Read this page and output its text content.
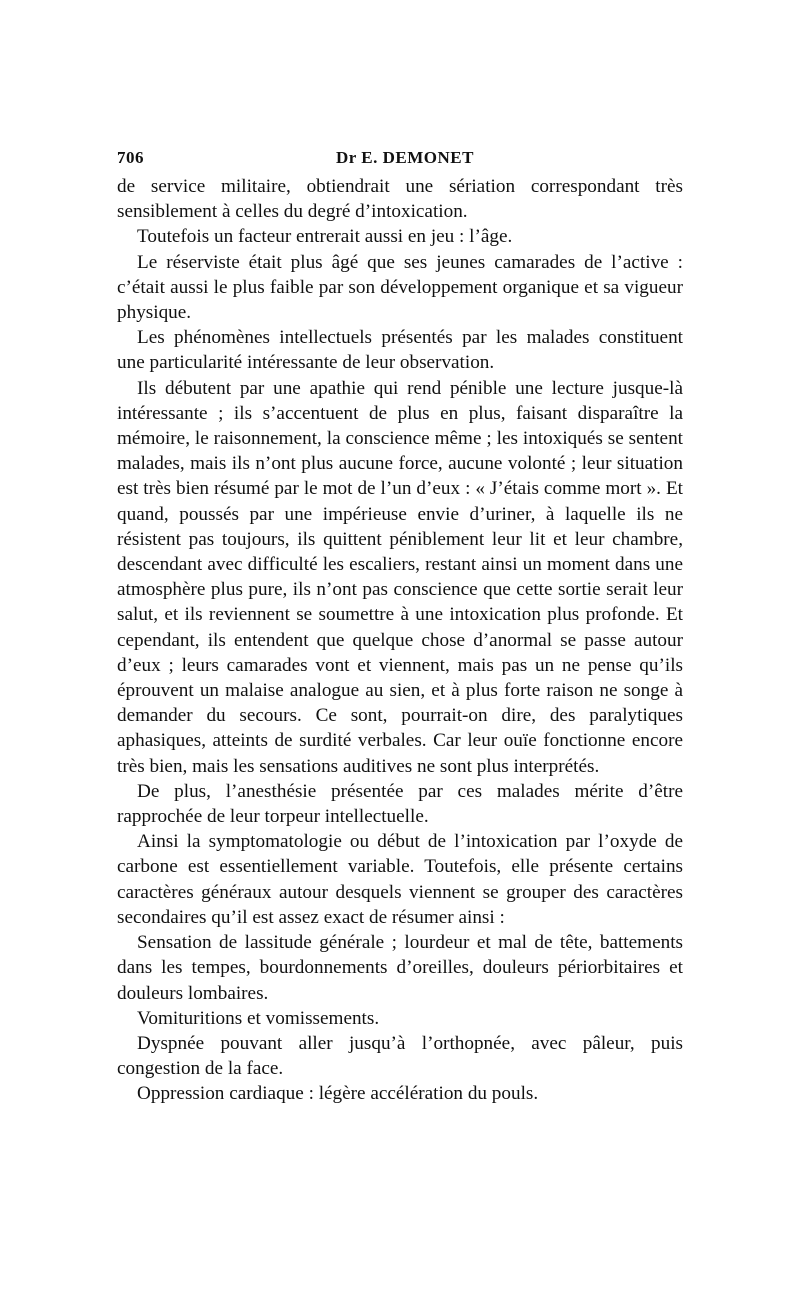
706	Dr E. DEMONET

de service militaire, obtiendrait une sériation correspondant très sensiblement à celles du degré d’intoxication.

Toutefois un facteur entrerait aussi en jeu : l’âge.

Le réserviste était plus âgé que ses jeunes camarades de l’active : c’était aussi le plus faible par son développement organique et sa vigueur physique.

Les phénomènes intellectuels présentés par les malades constituent une particularité intéressante de leur observation.

Ils débutent par une apathie qui rend pénible une lecture jusque-là intéressante ; ils s’accentuent de plus en plus, faisant disparaître la mémoire, le raisonnement, la conscience même ; les intoxiqués se sentent malades, mais ils n’ont plus aucune force, aucune volonté ; leur situation est très bien résumé par le mot de l’un d’eux : « J’étais comme mort ». Et quand, poussés par une impérieuse envie d’uriner, à laquelle ils ne résistent pas toujours, ils quittent péniblement leur lit et leur chambre, descendant avec difficulté les escaliers, restant ainsi un moment dans une atmosphère plus pure, ils n’ont pas conscience que cette sortie serait leur salut, et ils reviennent se soumettre à une intoxication plus profonde. Et cependant, ils entendent que quelque chose d’anormal se passe autour d’eux ; leurs camarades vont et viennent, mais pas un ne pense qu’ils éprouvent un malaise analogue au sien, et à plus forte raison ne songe à demander du secours. Ce sont, pourrait-on dire, des paralytiques aphasiques, atteints de surdité verbales. Car leur ouïe fonctionne encore très bien, mais les sensations auditives ne sont plus interprétés.

De plus, l’anesthésie présentée par ces malades mérite d’être rapprochée de leur torpeur intellectuelle.

Ainsi la symptomatologie ou début de l’intoxication par l’oxyde de carbone est essentiellement variable. Toutefois, elle présente certains caractères généraux autour desquels viennent se grouper des caractères secondaires qu’il est assez exact de résumer ainsi :

Sensation de lassitude générale ; lourdeur et mal de tête, battements dans les tempes, bourdonnements d’oreilles, douleurs périorbitaires et douleurs lombaires.

Vomituritions et vomissements.

Dyspnée pouvant aller jusqu’à l’orthopnée, avec pâleur, puis congestion de la face.

Oppression cardiaque : légère accélération du pouls.
